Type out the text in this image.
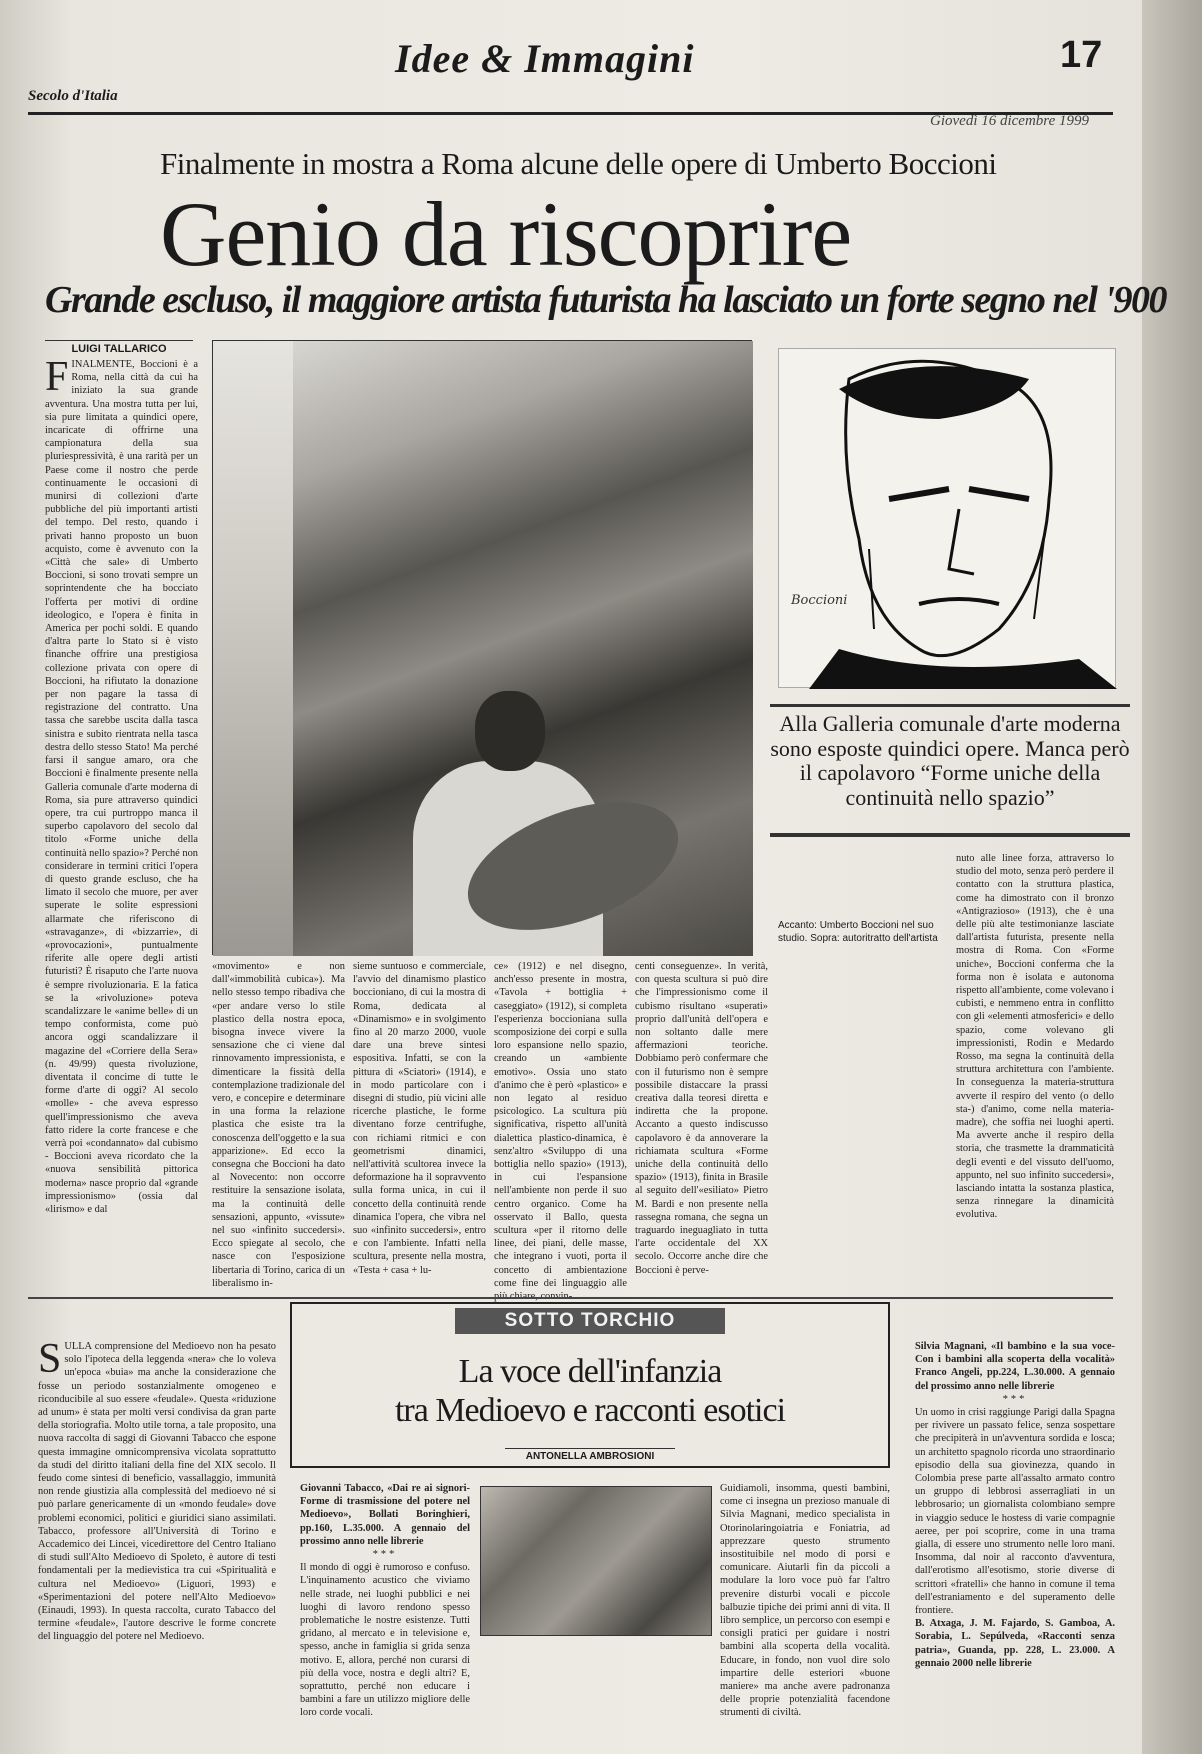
Secolo d'Italia
Idee & Immagini	17
Giovedì 16 dicembre 1999
Finalmente in mostra a Roma alcune delle opere di Umberto Boccioni
Genio da riscoprire
Grande escluso, il maggiore artista futurista ha lasciato un forte segno nel '900
LUIGI TALLARICO
F INALMENTE, Boccioni è a Roma, nella città da cui ha iniziato la sua grande avventura. Una mostra tutta per lui, sia pure limitata a quindici opere, incaricate di offrirne una campionatura della sua pluriespressività, è una rarità per un Paese come il nostro che perde continuamente le occasioni di munirsi di collezioni d'arte pubbliche del più importanti artisti del tempo. Del resto, quando i privati hanno proposto un buon acquisto, come è avvenuto con la «Città che sale» di Umberto Boccioni, si sono trovati sempre un soprintendente che ha bocciato l'offerta per motivi di ordine ideologico, e l'opera è finita in America per pochi soldi. E quando d'altra parte lo Stato si è visto finanche offrire una prestigiosa collezione privata con opere di Boccioni, ha rifiutato la donazione per non pagare la tassa di registrazione del contratto. Una tassa che sarebbe uscita dalla tasca sinistra e subito rientrata nella tasca destra dello stesso Stato! Ma perché farsi il sangue amaro, ora che Boccioni è finalmente presente nella Galleria comunale d'arte moderna di Roma, sia pure attraverso quindici opere, tra cui purtroppo manca il superbo capolavoro del secolo dal titolo «Forme uniche della continuità nello spazio»? Perché non considerare in termini critici l'opera di questo grande escluso, che ha limato il secolo che muore, per aver superate le solite espressioni allarmate che riferiscono di «stravaganze», di «bizzarrie», di «provocazioni», puntualmente riferite alle opere degli artisti futuristi? È risaputo che l'arte nuova è sempre rivoluzionaria. E la fatica se la «rivoluzione» poteva scandalizzare le «anime belle» di un tempo conformista, come può ancora oggi scandalizzare il magazine del «Corriere della Sera» (n. 49/99) questa rivoluzione, diventata il concime di tutte le forme d'arte di oggi? Al secolo «molle» - che aveva espresso quell'impressionismo che aveva fatto ridere la corte francese e che verrà poi «condannato» dal cubismo - Boccioni aveva ricordato che la «nuova sensibilità pittorica moderna» nasce proprio dal «grande impressionismo» (ossia dal «lirismo» e dal
Boccioni
Alla Galleria comunale d'arte moderna sono esposte quindici opere. Manca però il capolavoro “Forme uniche della continuità nello spazio”
nuto alle linee forza, attraverso lo studio del moto, senza però perdere il contatto con la struttura plastica, come ha dimostrato con il bronzo «Antigrazioso» (1913), che è una delle più alte testimonianze lasciate dall'artista futurista, presente nella mostra di Roma. Con «Forme uniche», Boccioni conferma che la forma non è isolata e autonoma rispetto all'ambiente, come volevano i cubisti, e nemmeno entra in conflitto con gli «elementi atmosferici» e dello spazio, come volevano gli impressionisti, Rodin e Medardo Rosso, ma segna la continuità della struttura architettura con l'ambiente. In conseguenza la materia-struttura avverte il respiro del vento (o dello sta-) d'animo, come nella materia-madre), che soffia nei luoghi aperti. Ma avverte anche il respiro della storia, che trasmette la drammaticità degli eventi e del vissuto dell'uomo, appunto, nel suo infinito succedersi», lasciando intatta la sostanza plastica, senza rinnegare la dinamicità evolutiva.
Accanto: Umberto Boccioni nel suo studio. Sopra: autoritratto dell'artista
«movimento» e non dall'«immobilità cubica»). Ma nello stesso tempo ribadiva che «per andare verso lo stile plastico della nostra epoca, bisogna invece vivere la sensazione che ci viene dal rinnovamento impressionista, e dimenticare la fissità della contemplazione tradizionale del vero, e concepire e determinare in una forma la relazione plastica che esiste tra la conoscenza dell'oggetto e la sua apparizione». Ed ecco la consegna che Boccioni ha dato al Novecento: non occorre restituire la sensazione isolata, ma la continuità delle sensazioni, appunto, «vissute» nel suo «infinito succedersi». Ecco spiegate al secolo, che nasce con l'esposizione libertaria di Torino, carica di un liberalismo in-
sieme suntuoso e commerciale, l'avvio del dinamismo plastico boccioniano, di cui la mostra di Roma, dedicata al «Dinamismo» e in svolgimento fino al 20 marzo 2000, vuole dare una breve sintesi espositiva. Infatti, se con la pittura di «Sciatori» (1914), e in modo particolare con i disegni di studio, più vicini alle ricerche plastiche, le forme diventano forze centrifughe, con richiami ritmici e con geometrismi dinamici, nell'attività scultorea invece la deformazione ha il sopravvento sulla forma unica, in cui il concetto della continuità rende dinamica l'opera, che vibra nel suo «infinito succedersi», entro e con l'ambiente. Infatti nella scultura, presente nella mostra, «Testa + casa + lu-
ce» (1912) e nel disegno, anch'esso presente in mostra, «Tavola + bottiglia + caseggiato» (1912), si completa l'esperienza boccioniana sulla scomposizione dei corpi e sulla loro espansione nello spazio, creando un «ambiente emotivo». Ossia uno stato d'animo che è però «plastico» e non legato al residuo psicologico. La scultura più significativa, rispetto all'unità dialettica plastico-dinamica, è senz'altro «Sviluppo di una bottiglia nello spazio» (1913), in cui l'espansione nell'ambiente non perde il suo centro organico. Come ha osservato il Ballo, questa scultura «per il ritorno delle linee, dei piani, delle masse, che integrano i vuoti, porta il concetto di ambientazione come fine dei linguaggio alle
centi conseguenze». In verità, con questa scultura si può dire che l'impressionismo come il cubismo risultano «superati» proprio dall'unità dell'opera e non soltanto dalle mere affermazioni teoriche. Dobbiamo però confermare che con il futurismo non è sempre possibile distaccare la prassi creativa dalla teoresi diretta e indiretta che la propone. Accanto a questo indiscusso capolavoro è da annoverare la richiamata scultura «Forme uniche della continuità dello spazio» (1913), finita in Brasile al seguito dell'«esiliato» Pietro M. Bardi e non presente nella rassegna romana, che segna un traguardo ineguagliato in tutta l'arte occidentale del XX secolo. Occorre anche dire che Boccioni è perve-
S ULLA comprensione del Medioevo non ha pesato solo l'ipoteca della leggenda «nera» che lo voleva un'epoca «buia» ma anche la considerazione che fosse un periodo sostanzialmente omogeneo e riconducibile al suo essere «feudale». Questa «riduzione ad unum» è stata per molti versi condivisa da gran parte della storiografia. Molto utile torna, a tale proposito, una nuova raccolta di saggi di Giovanni Tabacco che espone questa immagine omnicomprensiva vicolata soprattutto da studi del diritto italiani della fine del XIX secolo. Il feudo come sintesi di beneficio, vassallaggio, immunità non rende giustizia alla complessità del medioevo né si può parlare genericamente di un «mondo feudale» dove problemi economici, politici e giuridici siano assimilati. Tabacco, professore all'Università di Torino e Accademico dei Lincei, vicedirettore del Centro Italiano di studi sull'Alto Medioevo di Spoleto, è autore di testi fondamentali per la medievistica tra cui «Spiritualità e cultura nel Medioevo» (Liguori, 1993) e «Sperimentazioni del potere nell'Alto Medioevo» (Einaudi, 1993). In questa raccolta, curato Tabacco del termine «feudale», l'autore descrive le forme concrete del linguaggio del potere nel Medioevo.
SOTTO TORCHIO
La voce dell'infanzia
tra Medioevo e racconti esotici
ANTONELLA AMBROSIONI
Giovanni Tabacco, «Dai re ai signori-Forme di trasmissione del potere nel Medioevo», Bollati Boringhieri, pp.160, L.35.000. A gennaio del prossimo anno nelle librerie
***
Il mondo di oggi è rumoroso e confuso. L'inquinamento acustico che viviamo nelle strade, nei luoghi pubblici e nei luoghi di lavoro rendono spesso problematiche le nostre esistenze. Tutti gridano, al mercato e in televisione e, spesso, anche in famiglia si grida senza motivo. E, allora, perché non curarsi di più della voce, nostra e degli altri? E, soprattutto, perché non educare i bambini a fare un utilizzo migliore delle loro corde vocali.
Guidiamoli, insomma, questi bambini, come ci insegna un prezioso manuale di Silvia Magnani, medico specialista in Otorinolaringoiatria e Foniatria, ad apprezzare questo strumento insostituibile nel modo di porsi e comunicare. Aiutarli fin da piccoli a modulare la loro voce può far l'altro prevenire disturbi vocali e piccole balbuzie tipiche dei primi anni di vita. Il libro semplice, un percorso con esempi e consigli pratici per guidare i nostri bambini alla scoperta della vocalità. Educare, in fondo, non vuol dire solo impartire delle esteriori «buone maniere» ma anche avere padronanza delle proprie potenzialità facendone strumenti di civiltà.
Silvia Magnani, «Il bambino e la sua voce-Con i bambini alla scoperta della vocalità» Franco Angeli, pp.224, L.30.000. A gennaio del prossimo anno nelle librerie
***
Un uomo in crisi raggiunge Parigi dalla Spagna per rivivere un passato felice, senza sospettare che precipiterà in un'avventura sordida e losca; un architetto spagnolo ricorda uno straordinario episodio della sua giovinezza, quando in Colombia prese parte all'assalto armato contro un gruppo di lebbrosi asserragliati in un lebbrosario; un giornalista colombiano sempre in viaggio seduce le hostess di varie compagnie aeree, per poi scoprire, come in una trama gialla, di essere uno strumento nelle loro mani. Insomma, dal noir al racconto d'avventura, dall'erotismo all'esotismo, storie diverse di scrittori «fratelli» che hanno in comune il tema dell'estraniamento e del superamento delle frontiere.
B. Atxaga, J. M. Fajardo, S. Gamboa, A. Sorabia, L. Sepúlveda, «Racconti senza patria», Guanda, pp. 228, L. 23.000. A gennaio 2000 nelle librerie
